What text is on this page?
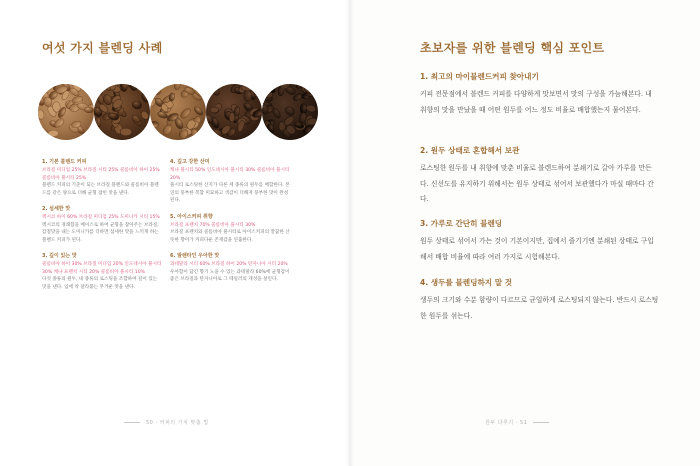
여섯 가지 블렌딩 사례
1. 기본 블렌드 커피
브라질 미디엄 25% 브라질 시티 25% 콜롬비아 하이 25% 콜롬비아 풀시티 25%
블렌드 커피의 기준이 되는 브라질 블렌드와 콜롬비아 블렌드를 같은 양으로 더해 균형 잡힌 맛을 낸다.
2. 섬세한 맛
멕시코 하이 60% 브라질 미디엄 25% 도미니카 시티 15%
멕시코의 경쾌함을 베이스로 하여 균형을 잡아주는 브라질, 감칠맛을 내는 도미니카를 더하면 섬세한 맛을 느끼게 하는 블렌드 커피가 된다.
3. 깊이 있는 맛
콜롬비아 하이 30% 브라질 미디엄 20% 인도네시아 풀시티 30% 케냐 프렌치 시티 20% 콜롬비아 풀시티 10%
다섯 종류의 원두, 네 종류의 로스팅을 조합하여 깊이 있는 맛을 낸다. 입에 착 달라붙는 무거운 맛을 낸다.
4. 깊고 강한 산미
케냐 풀시티 50% 인도네시아 풀시티 30% 콜롬비아 풀시티 20%
풀시티 로스팅한 산지가 다른 세 종류의 원두를 배합한다. 본연의 풍부한 복합 미묘하고 색감이 더해져 풍부한 맛이 완성된다.
5. 아이스커피 취향
브라질 프렌치 70% 콜롬비아 풀시티 30%
브라질 프렌치와 콜롬비아 풀시티로 아이스커피의 깔끔한 산뜻한 향미가 커피다운 존재감을 연출한다.
6. 발렌타인 우아한 맛
과테말라 시티 60% 브라질 하이 20% 탄자니아 시티 20%
우아함이 담긴 향기 노을 수 있는 과테말라 60%에 균형감이 좋은 브라질과 탄자니아로 그 테일러의 개성을 살린다.
50 · 커피의 가치 맞춤 법
초보자를 위한 블렌딩 핵심 포인트
1. 최고의 마이블렌드커피 찾아내기
커피 전문점에서 블렌드 커피를 다양하게 맛보면서 맛의 구성을 가늠해본다. 내 취향의 맛을 만났을 때 어떤 원두를 어느 정도 비율로 배합했는지 물어본다.
2. 원두 상태로 혼합해서 보관
로스팅한 원두를 내 취향에 맞춘 비율로 블렌드하여 분쇄기로 갈아 가루를 만든다. 신선도를 유지하기 위해서는 원두 상태로 섞어서 보관했다가 마실 때마다 간다.
3. 가루로 간단히 블렌딩
원두 상태로 섞어서 가는 것이 기본이지만, 집에서 즐기기엔 분쇄된 상태로 구입해서 배합 비율에 따라 여러 가지로 시험해본다.
4. 생두를 블렌딩하지 말 것
생두의 크기와 수분 함량이 다르므로 균일하게 로스팅되지 않는다. 반드시 로스팅한 원두를 섞는다.
원두 다루기 · 51
